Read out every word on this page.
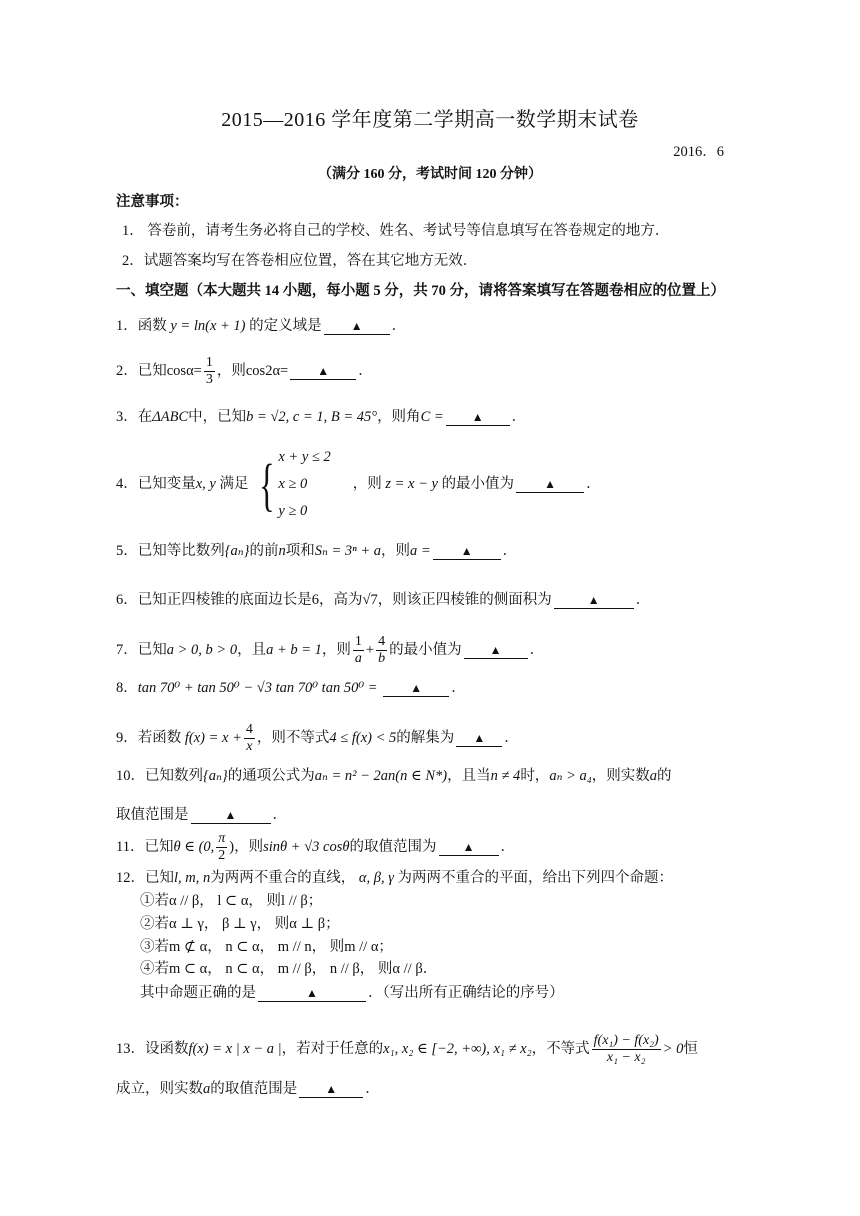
2015—2016 学年度第二学期高一数学期末试卷
2016．6
（满分 160 分，考试时间 120 分钟）
注意事项：
1． 答卷前，请考生务必将自己的学校、姓名、考试号等信息填写在答卷规定的地方．
2．试题答案均写在答卷相应位置，答在其它地方无效．
一、填空题（本大题共 14 小题，每小题 5 分，共 70 分，请将答案填写在答题卷相应的位置上）
1．函数 y = ln(x + 1) 的定义域是 ▲ ．
2．已知$\cos\alpha= \frac{1}{3}$ ，则cos2α= ▲ ．
3．在ΔABC中，已知b = √2, c = 1, B = 45°，则角C = ▲ ．
4．已知变量x, y 满足 { x + y ≤ 2
x ≥ 0
y ≥ 0
，则 z = x − y 的最小值为	▲ ．
5．已知等比数列{aₙ}的前n项和Sₙ = 3ⁿ + a，则a =	▲ ．
6．已知正四棱锥的底面边长是6，高为√7，则该正四棱锥的侧面积为	▲ ．
7．已知a > 0, b > 0，且a + b = 1，则 $\frac{1}{a} + \frac{4}{b}$ 的最小值为 ▲ ．
8．tan 70⁰ + tan 50⁰ − √3 tan 70⁰ tan 50⁰ =	▲ ．
9．若函数 $f(x) = x + \frac{4}{x}$ ，则不等式4 ≤ f(x) < 5的解集为 ▲ ．
10．已知数列{aₙ}的通项公式为aₙ = n² − 2an(n ∈ N*)，且当n ≠ 4时，aₙ > a₄，则实数a的
取值范围是	▲ ．
11．已知θ ∈ (0, $\frac{\pi}{2}$ )，则sinθ + √3 cosθ的取值范围为 ▲ ．
12．已知l, m, n为两两不重合的直线， α, β, γ 为两两不重合的平面，给出下列四个命题：
①若α // β， l ⊂ α， 则l // β；
②若α ⊥ γ， β ⊥ γ， 则α ⊥ β；
③若m ⊄ α， n ⊂ α， m // n， 则m // α；
④若m ⊂ α， n ⊂ α， m // β， n // β， 则α // β．
其中命题正确的是	▲	．（写出所有正确结论的序号）
13．设函数f(x) = x | x − a |，若对于任意的x₁, x₂ ∈ [−2, +∞), x₁ ≠ x₂，不等式 $\frac{\text{f(x₁) − f(x₂)}}{\text{x₁ − x₂}} > 0$恒
成立，则实数a的取值范围是 ▲ ．
